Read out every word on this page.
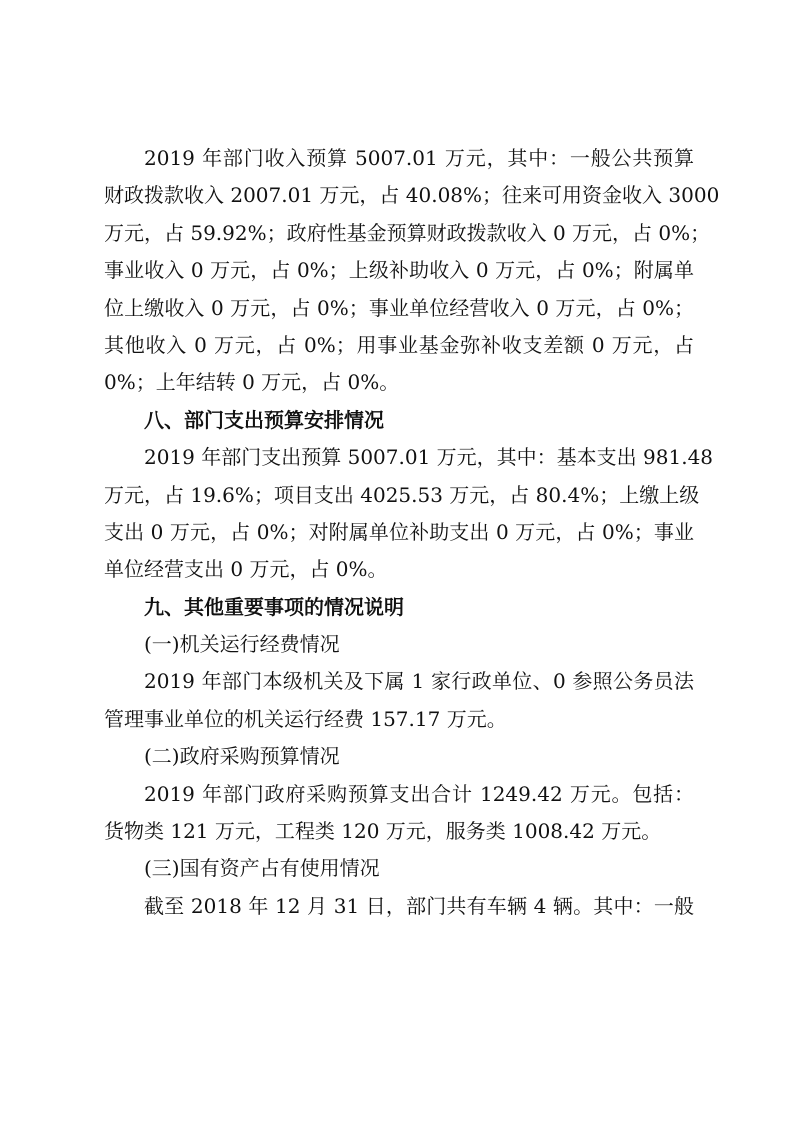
2019 年部门收入预算 5007.01 万元，其中：一般公共预算
财政拨款收入 2007.01 万元，占 40.08%；往来可用资金收入 3000
万元，占 59.92%；政府性基金预算财政拨款收入 0 万元，占 0%；
事业收入 0 万元，占 0%；上级补助收入 0 万元，占 0%；附属单
位上缴收入 0 万元，占 0%；事业单位经营收入 0 万元，占 0%；
其他收入 0 万元，占 0%；用事业基金弥补收支差额 0 万元，占
0%；上年结转 0 万元，占 0%。
八、部门支出预算安排情况
2019 年部门支出预算 5007.01 万元，其中：基本支出 981.48
万元，占 19.6%；项目支出 4025.53 万元，占 80.4%；上缴上级
支出 0 万元，占 0%；对附属单位补助支出 0 万元，占 0%；事业
单位经营支出 0 万元，占 0%。
九、其他重要事项的情况说明
(一)机关运行经费情况
2019 年部门本级机关及下属 1 家行政单位、0 参照公务员法
管理事业单位的机关运行经费 157.17 万元。
(二)政府采购预算情况
2019 年部门政府采购预算支出合计 1249.42 万元。包括：
货物类 121 万元，工程类 120 万元，服务类 1008.42 万元。
(三)国有资产占有使用情况
截至 2018 年 12 月 31 日，部门共有车辆 4 辆。其中：一般
